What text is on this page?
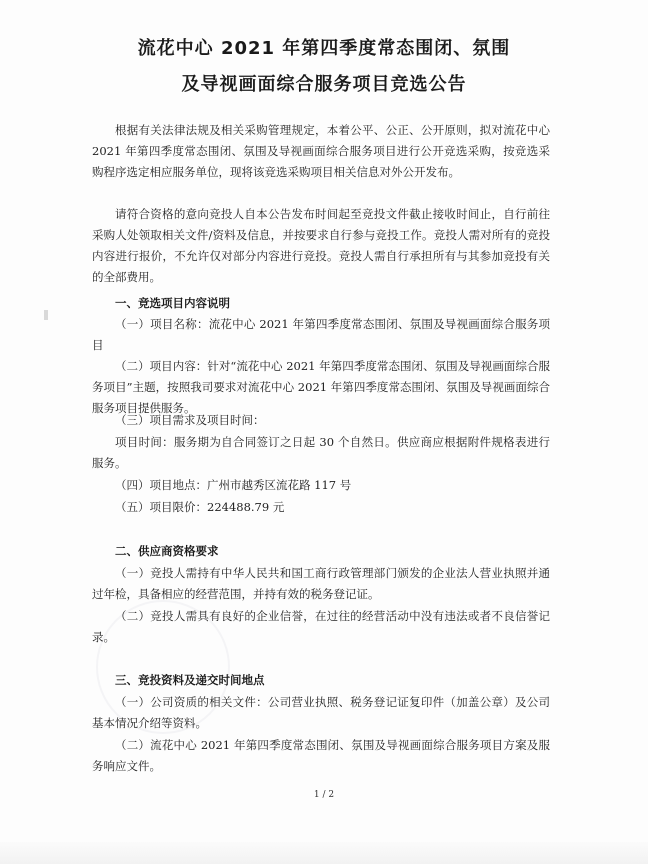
流花中心 2021 年第四季度常态围闭、氛围
及导视画面综合服务项目竞选公告
根据有关法律法规及相关采购管理规定，本着公平、公正、公开原则，拟对流花中心 2021 年第四季度常态围闭、氛围及导视画面综合服务项目进行公开竞选采购，按竞选采购程序选定相应服务单位，现将该竞选采购项目相关信息对外公开发布。
请符合资格的意向竞投人自本公告发布时间起至竞投文件截止接收时间止，自行前往采购人处领取相关文件/资料及信息，并按要求自行参与竞投工作。竞投人需对所有的竞投内容进行报价，不允许仅对部分内容进行竞投。竞投人需自行承担所有与其参加竞投有关的全部费用。
一、竞选项目内容说明
（一）项目名称：流花中心 2021 年第四季度常态围闭、氛围及导视画面综合服务项目
（二）项目内容：针对“流花中心 2021 年第四季度常态围闭、氛围及导视画面综合服务项目”主题，按照我司要求对流花中心 2021 年第四季度常态围闭、氛围及导视画面综合服务项目提供服务。
（三）项目需求及项目时间：
项目时间：服务期为自合同签订之日起 30 个自然日。供应商应根据附件规格表进行服务。
（四）项目地点：广州市越秀区流花路 117 号
（五）项目限价：224488.79 元
二、供应商资格要求
（一）竞投人需持有中华人民共和国工商行政管理部门颁发的企业法人营业执照并通过年检，具备相应的经营范围，并持有效的税务登记证。
（二）竞投人需具有良好的企业信誉，在过往的经营活动中没有违法或者不良信誉记录。
三、竞投资料及递交时间地点
（一）公司资质的相关文件：公司营业执照、税务登记证复印件（加盖公章）及公司基本情况介绍等资料。
（二）流花中心 2021 年第四季度常态围闭、氛围及导视画面综合服务项目方案及服务响应文件。
1 / 2
